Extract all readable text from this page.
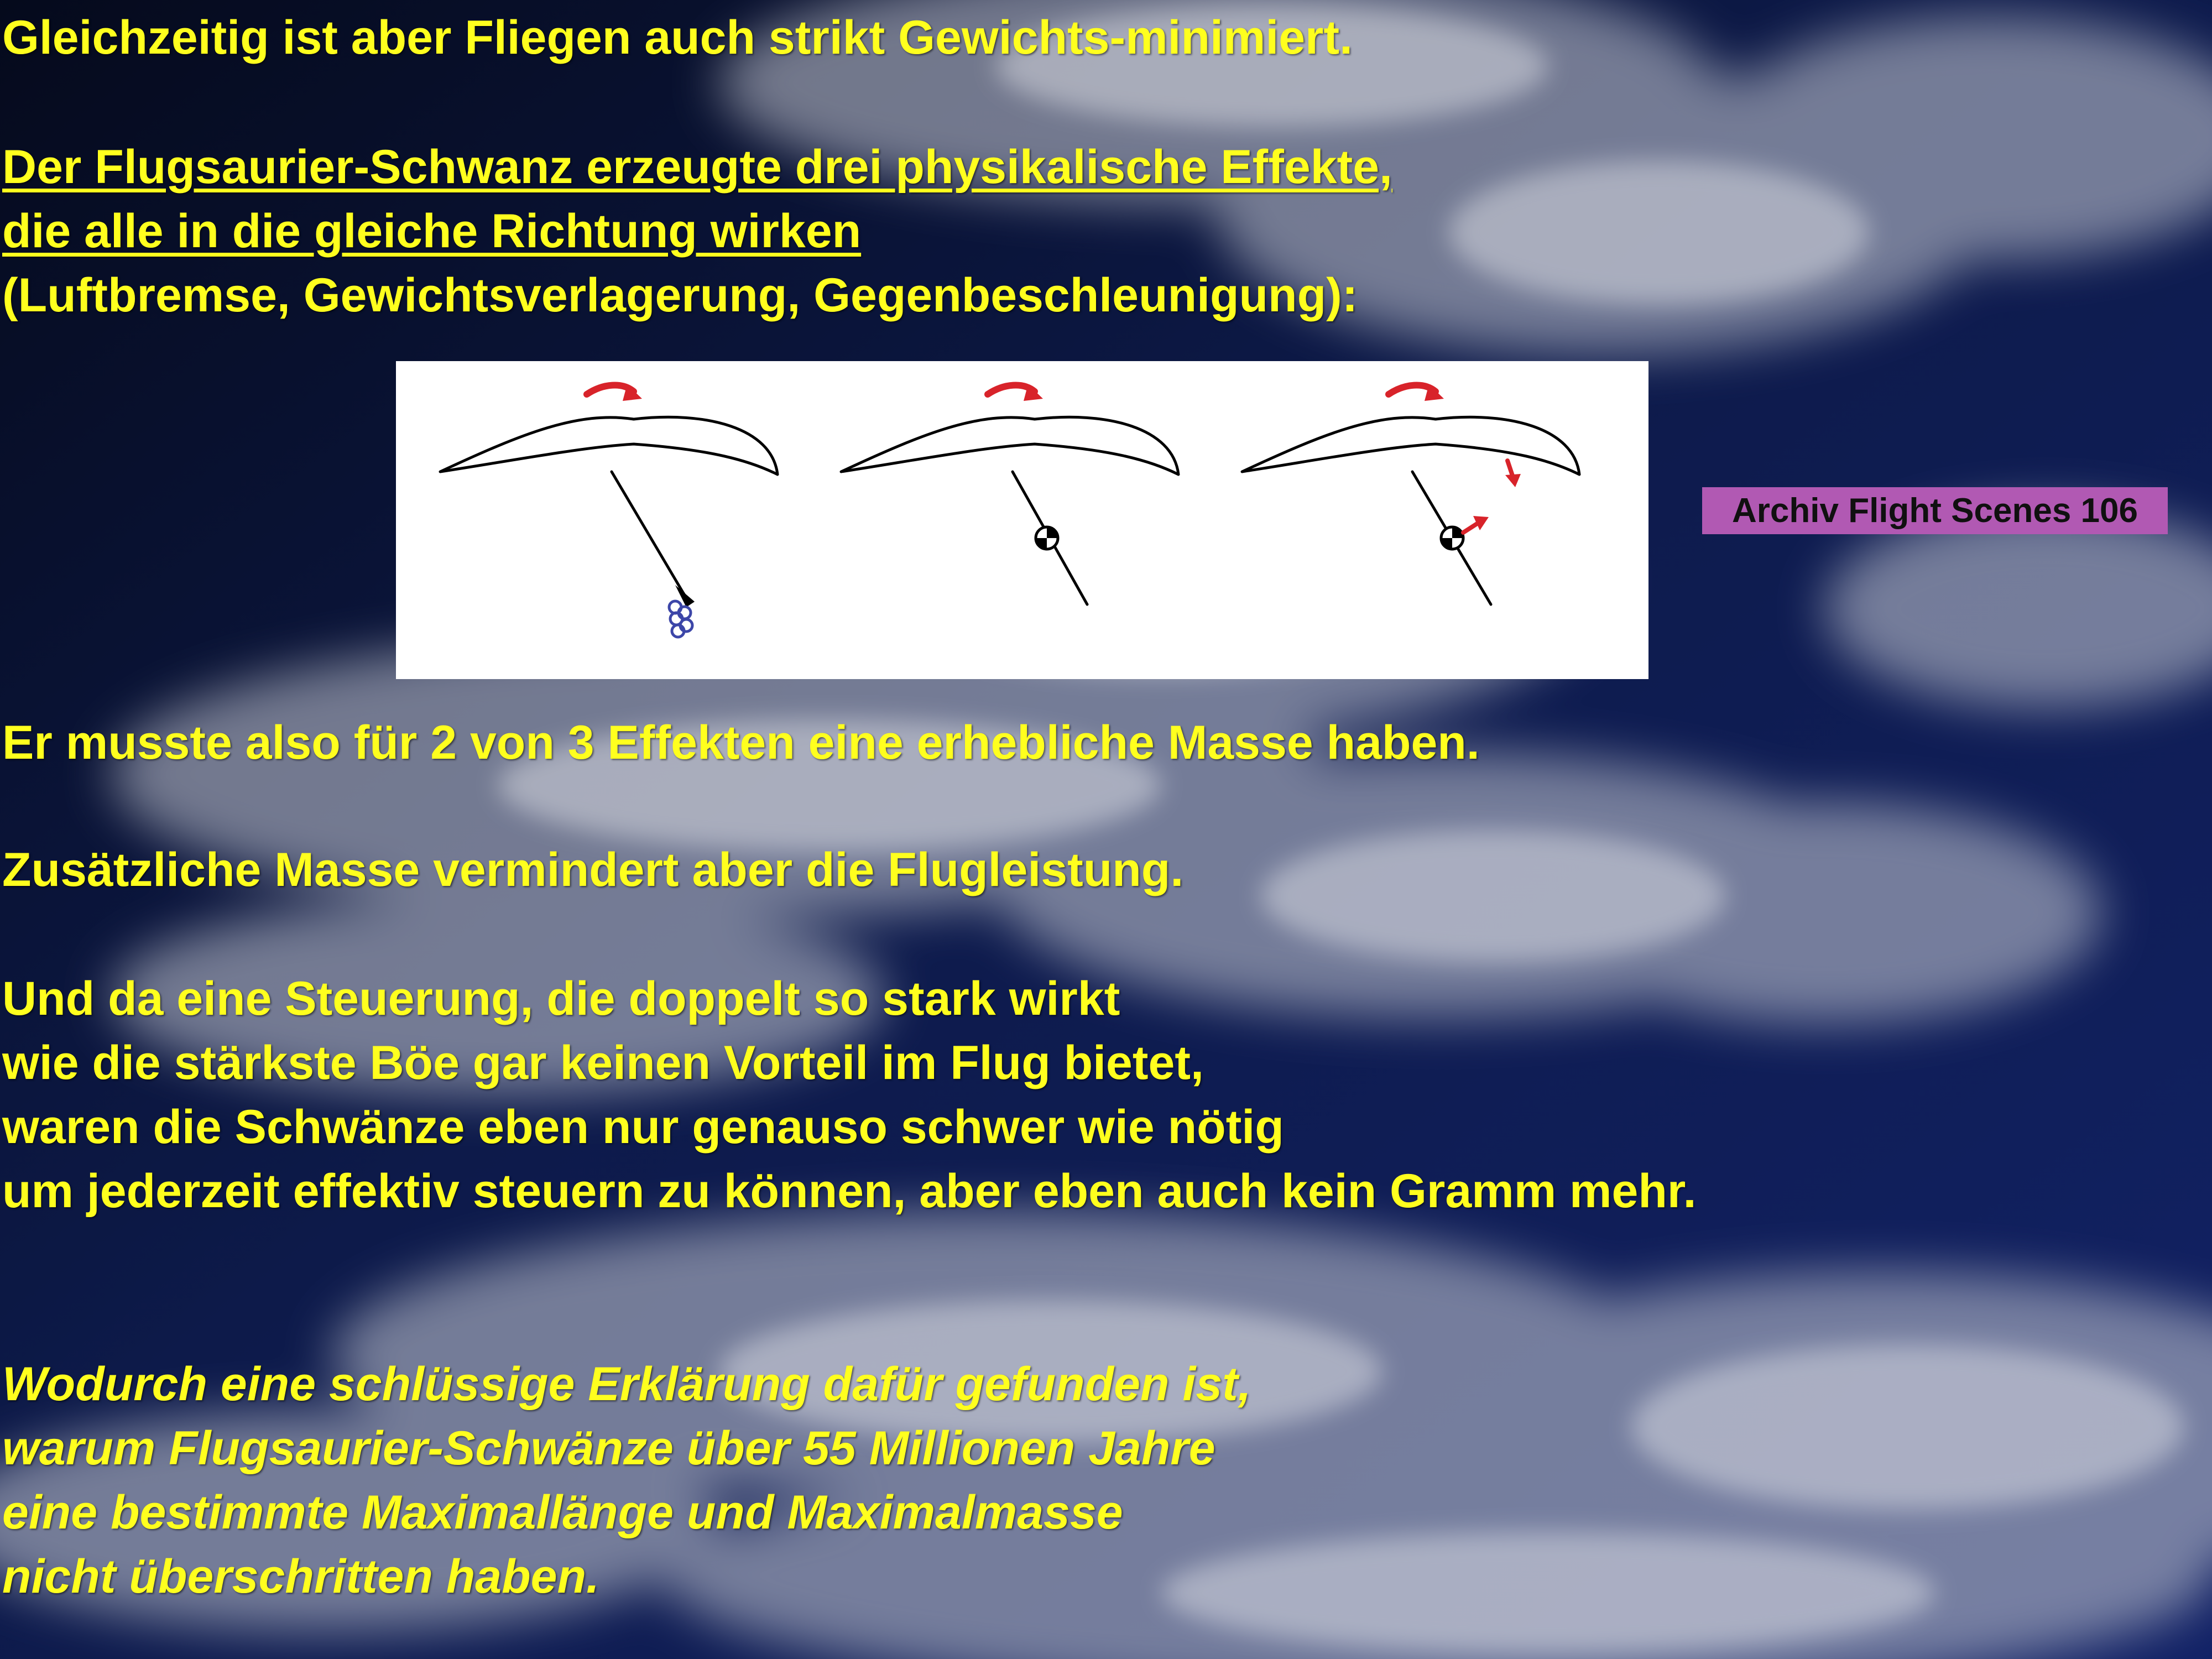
Gleichzeitig ist aber Fliegen auch strikt Gewichts-minimiert.
Der Flugsaurier-Schwanz erzeugte drei physikalische Effekte,
die alle in die gleiche Richtung wirken
(Luftbremse, Gewichtsverlagerung, Gegenbeschleunigung):
Archiv Flight Scenes 106
Er musste also für 2 von 3 Effekten eine erhebliche Masse haben.
Zusätzliche Masse vermindert aber die Flugleistung.
Und da eine Steuerung, die doppelt so stark wirkt
wie die stärkste Böe gar keinen Vorteil im Flug bietet,
waren die Schwänze eben nur genauso schwer wie nötig
um jederzeit effektiv steuern zu können, aber eben auch kein Gramm mehr.
Wodurch eine schlüssige Erklärung dafür gefunden ist,
warum Flugsaurier-Schwänze über 55 Millionen Jahre
eine bestimmte Maximallänge und Maximalmasse
nicht überschritten haben.
